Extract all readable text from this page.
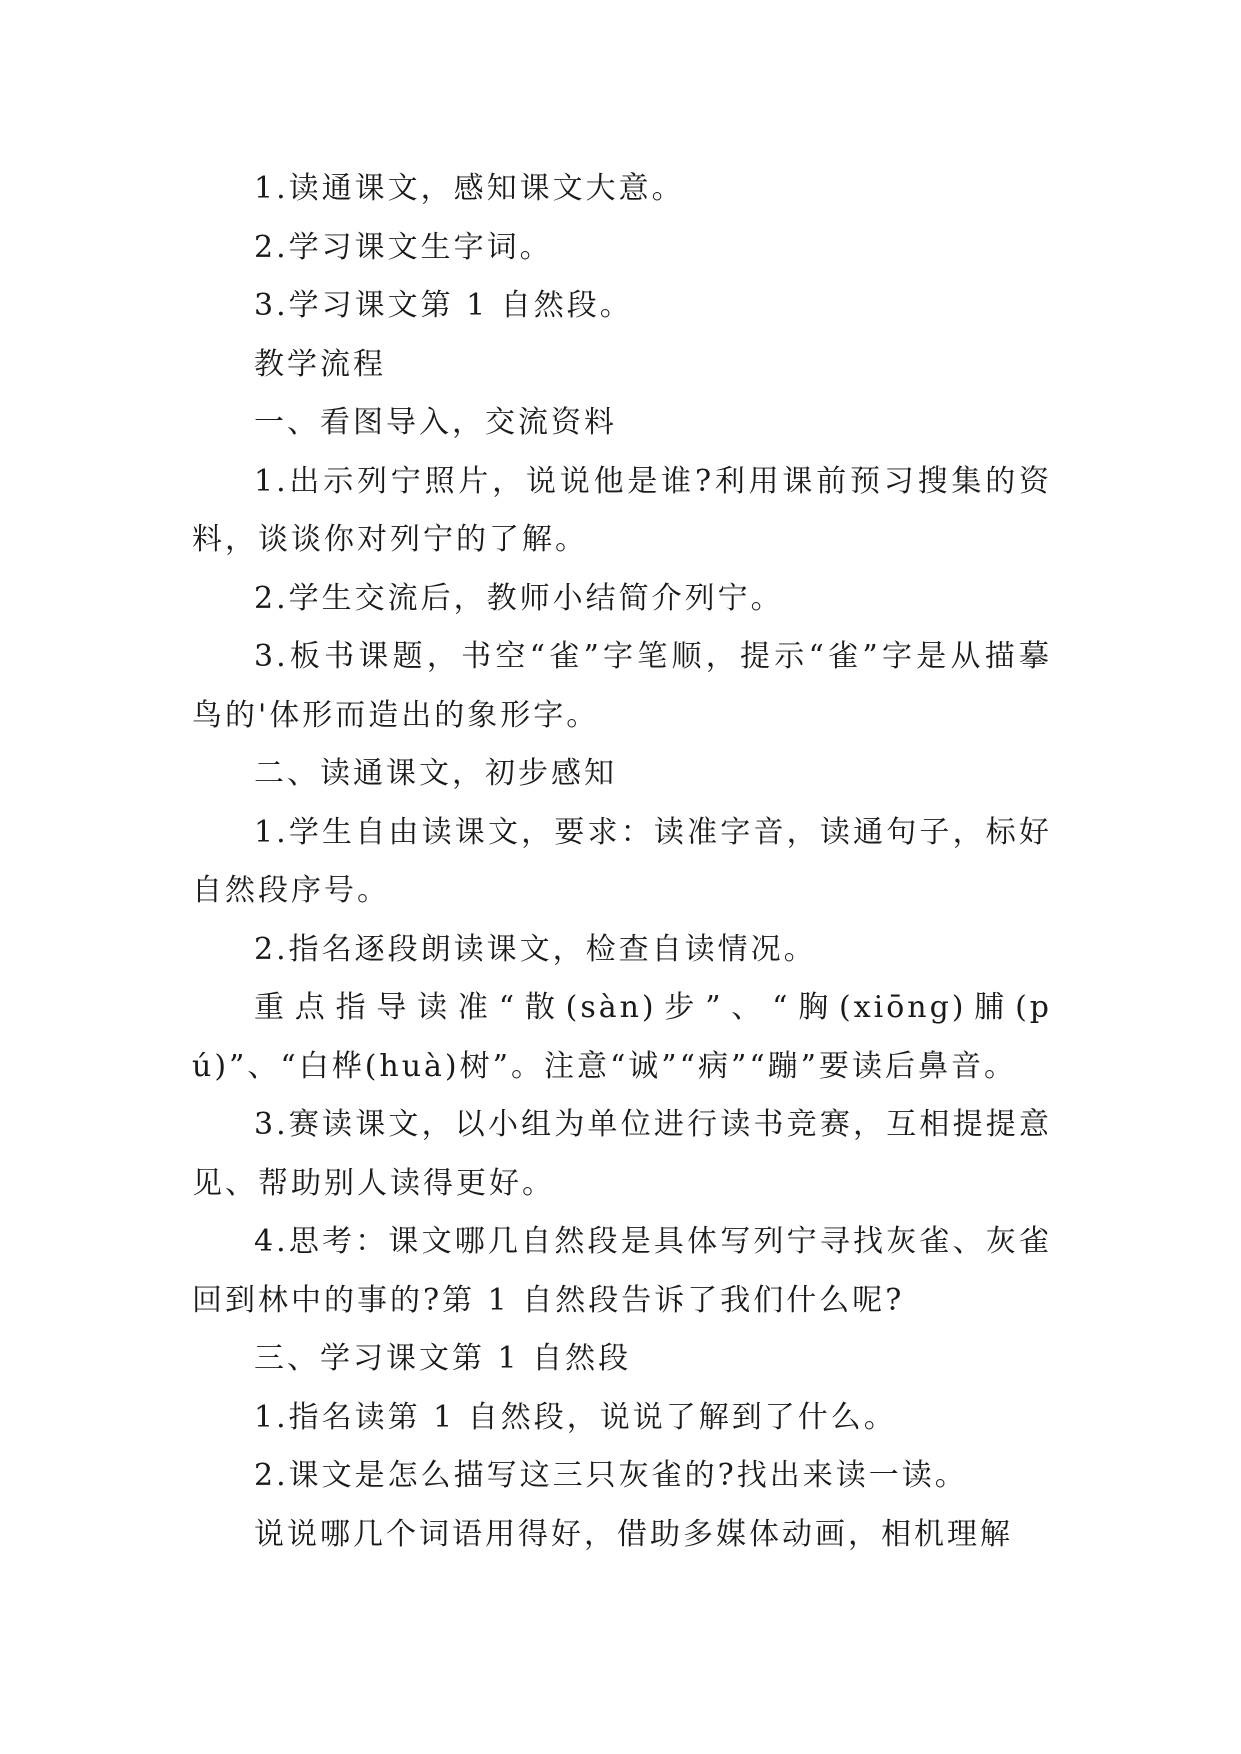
1.读通课文，感知课文大意。

2.学习课文生字词。

3.学习课文第 1 自然段。

教学流程

一、看图导入，交流资料

1.出示列宁照片，说说他是谁?利用课前预习搜集的资料，谈谈你对列宁的了解。

2.学生交流后，教师小结简介列宁。

3.板书课题，书空“雀”字笔顺，提示“雀”字是从描摹鸟的'体形而造出的象形字。

二、读通课文，初步感知

1.学生自由读课文，要求：读准字音，读通句子，标好自然段序号。

2.指名逐段朗读课文，检查自读情况。

重点指导读准“散(sàn)步”、“胸(xiōng)脯(pú)”、“白桦(huà)树”。注意“诚”“病”“蹦”要读后鼻音。

3.赛读课文，以小组为单位进行读书竞赛，互相提提意见、帮助别人读得更好。

4.思考：课文哪几自然段是具体写列宁寻找灰雀、灰雀回到林中的事的?第 1 自然段告诉了我们什么呢?

三、学习课文第 1 自然段

1.指名读第 1 自然段，说说了解到了什么。

2.课文是怎么描写这三只灰雀的?找出来读一读。

说说哪几个词语用得好，借助多媒体动画，相机理解
